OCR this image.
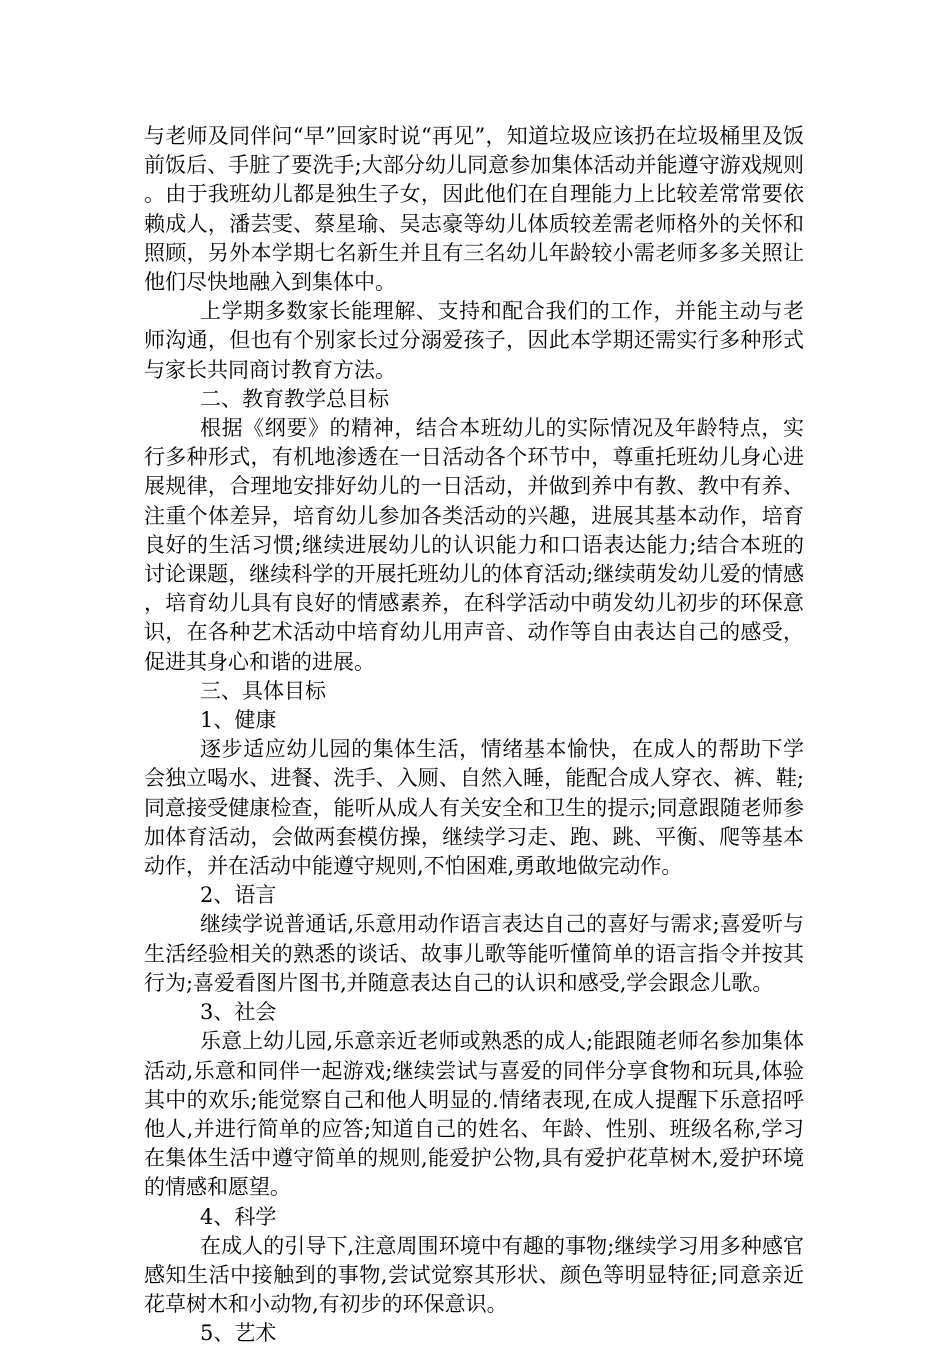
与老师及同伴问“早”回家时说“再见”，知道垃圾应该扔在垃圾桶里及饭前饭后、手脏了要洗手;大部分幼儿同意参加集体活动并能遵守游戏规则。由于我班幼儿都是独生子女，因此他们在自理能力上比较差常常要依赖成人，潘芸雯、蔡星瑜、吴志豪等幼儿体质较差需老师格外的关怀和照顾，另外本学期七名新生并且有三名幼儿年龄较小需老师多多关照让他们尽快地融入到集体中。

上学期多数家长能理解、支持和配合我们的工作，并能主动与老师沟通，但也有个别家长过分溺爱孩子，因此本学期还需实行多种形式与家长共同商讨教育方法。

二、教育教学总目标

根据《纲要》的精神，结合本班幼儿的实际情况及年龄特点，实行多种形式，有机地渗透在一日活动各个环节中，尊重托班幼儿身心进展规律，合理地安排好幼儿的一日活动，并做到养中有教、教中有养、注重个体差异，培育幼儿参加各类活动的兴趣，进展其基本动作，培育良好的生活习惯;继续进展幼儿的认识能力和口语表达能力;结合本班的讨论课题，继续科学的开展托班幼儿的体育活动;继续萌发幼儿爱的情感，培育幼儿具有良好的情感素养，在科学活动中萌发幼儿初步的环保意识，在各种艺术活动中培育幼儿用声音、动作等自由表达自己的感受，促进其身心和谐的进展。

三、具体目标

1、健康

逐步适应幼儿园的集体生活，情绪基本愉快，在成人的帮助下学会独立喝水、进餐、洗手、入厕、自然入睡，能配合成人穿衣、裤、鞋;同意接受健康检查，能听从成人有关安全和卫生的提示;同意跟随老师参加体育活动，会做两套模仿操，继续学习走、跑、跳、平衡、爬等基本动作，并在活动中能遵守规则,不怕困难,勇敢地做完动作。

2、语言

继续学说普通话,乐意用动作语言表达自己的喜好与需求;喜爱听与生活经验相关的熟悉的谈话、故事儿歌等能听懂简单的语言指令并按其行为;喜爱看图片图书,并随意表达自己的认识和感受,学会跟念儿歌。

3、社会

乐意上幼儿园,乐意亲近老师或熟悉的成人;能跟随老师名参加集体活动,乐意和同伴一起游戏;继续尝试与喜爱的同伴分享食物和玩具,体验其中的欢乐;能觉察自己和他人明显的.情绪表现,在成人提醒下乐意招呼他人,并进行简单的应答;知道自己的姓名、年龄、性别、班级名称,学习在集体生活中遵守简单的规则,能爱护公物,具有爱护花草树木,爱护环境的情感和愿望。

4、科学

在成人的引导下,注意周围环境中有趣的事物;继续学习用多种感官感知生活中接触到的事物,尝试觉察其形状、颜色等明显特征;同意亲近花草树木和小动物,有初步的环保意识。

5、艺术
